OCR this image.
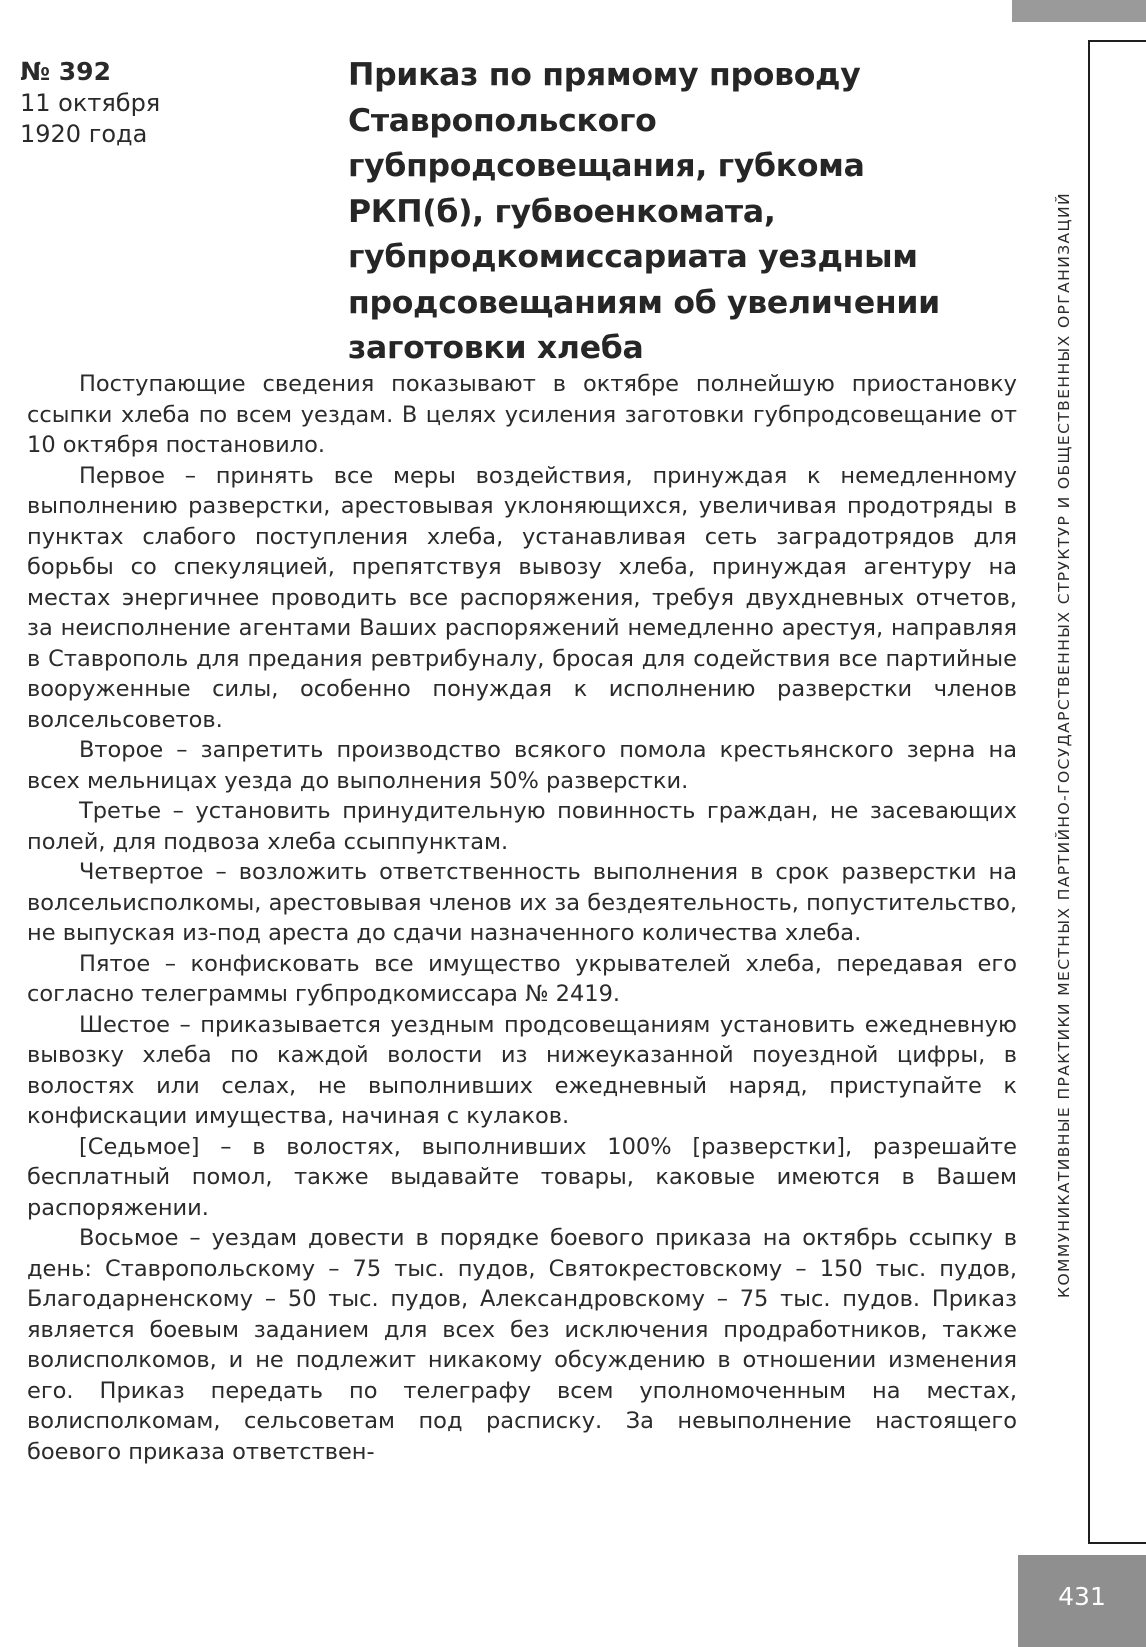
КОММУНИКАТИВНЫЕ ПРАКТИКИ МЕСТНЫХ ПАРТИЙНО-ГОСУДАРСТВЕННЫХ СТРУКТУР И ОБЩЕСТВЕННЫХ ОРГАНИЗАЦИЙ
№ 392
11 октября
1920 года
Приказ по прямому проводу Ставропольского губпродсовещания, губкома РКП(б), губвоенкомата, губпродкомиссариата уездным продсовещаниям об увеличении заготовки хлеба

Поступающие сведения показывают в октябре полнейшую приостановку ссыпки хлеба по всем уездам. В целях усиления заготовки губпродсовещание от 10 октября постановило.

Первое – принять все меры воздействия, принуждая к немедленному выполнению разверстки, арестовывая уклоняющихся, увеличивая продотряды в пунктах слабого поступления хлеба, устанавливая сеть заградотрядов для борьбы со спекуляцией, препятствуя вывозу хлеба, принуждая агентуру на местах энергичнее проводить все распоряжения, требуя двухдневных отчетов, за неисполнение агентами Ваших распоряжений немедленно арестуя, направляя в Ставрополь для предания ревтрибуналу, бросая для содействия все партийные вооруженные силы, особенно понуждая к исполнению разверстки членов волсельсоветов.

Второе – запретить производство всякого помола крестьянского зерна на всех мельницах уезда до выполнения 50% разверстки.

Третье – установить принудительную повинность граждан, не засевающих полей, для подвоза хлеба ссыппунктам.

Четвертое – возложить ответственность выполнения в срок разверстки на волсельисполкомы, арестовывая членов их за бездеятельность, попустительство, не выпуская из-под ареста до сдачи назначенного количества хлеба.

Пятое – конфисковать все имущество укрывателей хлеба, передавая его согласно телеграммы губпродкомиссара № 2419.

Шестое – приказывается уездным продсовещаниям установить ежедневную вывозку хлеба по каждой волости из нижеуказанной поуездной цифры, в волостях или селах, не выполнивших ежедневный наряд, приступайте к конфискации имущества, начиная с кулаков.

[Седьмое] – в волостях, выполнивших 100% [разверстки], разрешайте бесплатный помол, также выдавайте товары, каковые имеются в Вашем распоряжении.

Восьмое – уездам довести в порядке боевого приказа на октябрь ссыпку в день: Ставропольскому – 75 тыс. пудов, Святокрестовскому – 150 тыс. пудов, Благодарненскому – 50 тыс. пудов, Александровскому – 75 тыс. пудов. Приказ является боевым заданием для всех без исключения продработников, также волисполкомов, и не подлежит никакому обсуждению в отношении изменения его. Приказ передать по телеграфу всем уполномоченным на местах, волисполкомам, сельсоветам под расписку. За невыполнение настоящего боевого приказа ответствен-

431
